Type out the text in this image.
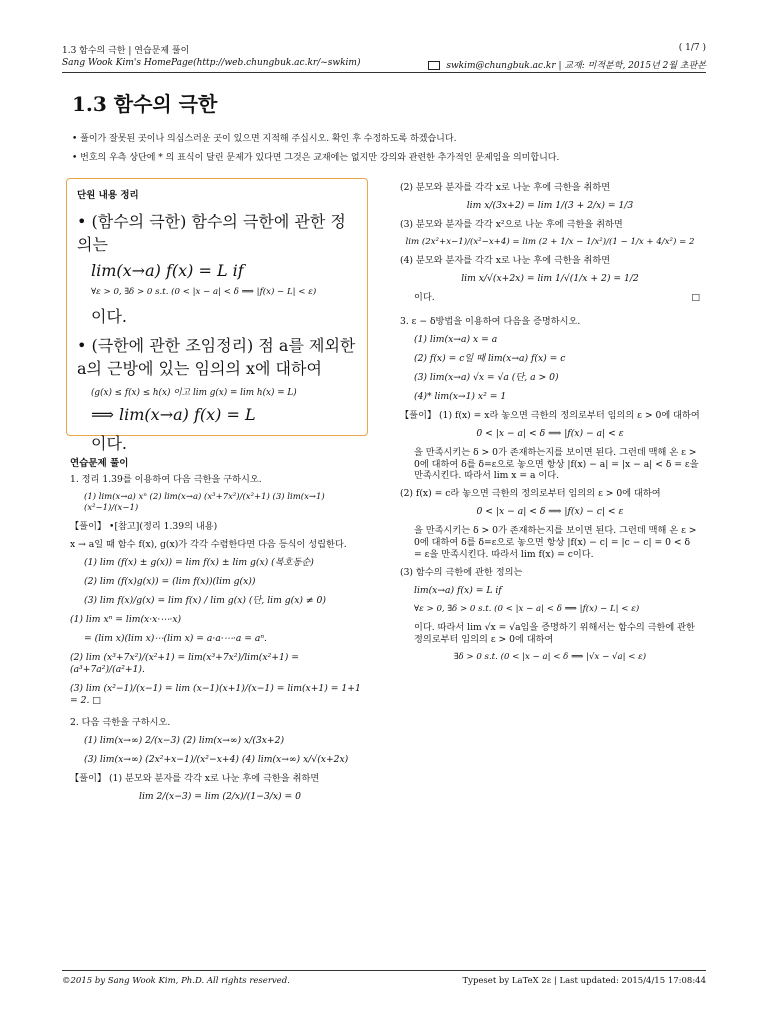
1.3 함수의 극한 | 연습문제 풀이	( 1/7 )
Sang Wook Kim's HomePage(http://web.chungbuk.ac.kr/~swkim)	swkim@chungbuk.ac.kr | 교재: 미적분학, 2015년 2월 초판본
1.3 함수의 극한
• 풀이가 잘못된 곳이나 의심스러운 곳이 있으면 지적해 주십시오. 확인 후 수정하도록 하겠습니다.
• 번호의 우측 상단에 * 의 표식이 달린 문제가 있다면 그것은 교재에는 없지만 강의와 관련한 추가적인 문제임을 의미합니다.
단원 내용 정리
• (함수의 극한) 함수의 극한에 관한 정의는
lim(x→a) f(x) = L if
∀ε > 0, ∃δ > 0 s.t. (0 < |x − a| < δ ⟹ |f(x) − L| < ε)
이다.
• (극한에 관한 조임정리) 점 a를 제외한 a의 근방에 있는 임의의 x에 대하여
(g(x) ≤ f(x) ≤ h(x) 이고 lim g(x) = lim h(x) = L)
⟹ lim(x→a) f(x) = L
이다.
연습문제 풀이
1. 정리 1.39를 이용하여 다음 극한을 구하시오.
(1) lim(x→a) xⁿ (2) lim(x→a) (x³+7x²)/(x²+1) (3) lim(x→1) (x²−1)/(x−1)
【풀이】 •[참고](정리 1.39의 내용)
x → a일 때 함수 f(x), g(x)가 각각 수렴한다면 다음 등식이 성립한다.
(1) lim (f(x) ± g(x)) = lim f(x) ± lim g(x) (복호동순)
(2) lim (f(x)g(x)) = (lim f(x))(lim g(x))
(3) lim f(x)/g(x) = lim f(x) / lim g(x) (단, lim g(x) ≠ 0)
(1) lim xⁿ = lim(x·x·⋯·x)
= (lim x)(lim x)⋯(lim x) = a·a·⋯·a = aⁿ.
(2) lim (x³+7x²)/(x²+1) = lim(x³+7x²)/lim(x²+1) = (a³+7a²)/(a²+1).
(3) lim (x²−1)/(x−1) = lim (x−1)(x+1)/(x−1) = lim(x+1) = 1+1 = 2. □
2. 다음 극한을 구하시오.
(1) lim(x→∞) 2/(x−3) (2) lim(x→∞) x/(3x+2)
(3) lim(x→∞) (2x²+x−1)/(x²−x+4) (4) lim(x→∞) x/√(x+2x)
【풀이】 (1) 분모와 분자를 각각 x로 나눈 후에 극한을 취하면
lim 2/(x−3) = lim (2/x)/(1−3/x) = 0
(2) 분모와 분자를 각각 x로 나눈 후에 극한을 취하면
lim x/(3x+2) = lim 1/(3 + 2/x) = 1/3
(3) 분모와 분자를 각각 x²으로 나눈 후에 극한을 취하면
lim (2x²+x−1)/(x²−x+4) = lim (2 + 1/x − 1/x²)/(1 − 1/x + 4/x²) = 2
(4) 분모와 분자를 각각 x로 나눈 후에 극한을 취하면
lim x/√(x+2x) = lim 1/√(1/x + 2) = 1/2
이다.	□
3. ε − δ방법을 이용하여 다음을 증명하시오.
(1) lim(x→a) x = a
(2) f(x) = c일 때 lim(x→a) f(x) = c
(3) lim(x→a) √x = √a (단, a > 0)
(4)* lim(x→1) x² = 1
【풀이】 (1) f(x) = x라 놓으면 극한의 정의로부터 임의의 ε > 0에 대하여
0 < |x − a| < δ ⟹ |f(x) − a| < ε
을 만족시키는 δ > 0가 존재하는지를 보이면 된다. 그런데 맥해 온 ε > 0에 대하여 δ를 δ=ε으로 놓으면 항상 |f(x) − a| = |x − a| < δ = ε을 만족시킨다. 따라서 lim x = a 이다.
(2) f(x) = c라 놓으면 극한의 정의로부터 임의의 ε > 0에 대하여
0 < |x − a| < δ ⟹ |f(x) − c| < ε
을 만족시키는 δ > 0가 존재하는지를 보이면 된다. 그런데 맥해 온 ε > 0에 대하여 δ를 δ=ε으로 놓으면 항상 |f(x) − c| = |c − c| = 0 < δ = ε을 만족시킨다. 따라서 lim f(x) = c이다.
(3) 함수의 극한에 관한 정의는
lim(x→a) f(x) = L if
∀ε > 0, ∃δ > 0 s.t. (0 < |x − a| < δ ⟹ |f(x) − L| < ε)
이다. 따라서 lim √x = √a임을 증명하기 위해서는 함수의 극한에 관한 정의로부터 임의의 ε > 0에 대하여
∃δ > 0 s.t. (0 < |x − a| < δ ⟹ |√x − √a| < ε)
©2015 by Sang Wook Kim, Ph.D. All rights reserved.	Typeset by LaTeX 2ε | Last updated: 2015/4/15 17:08:44
